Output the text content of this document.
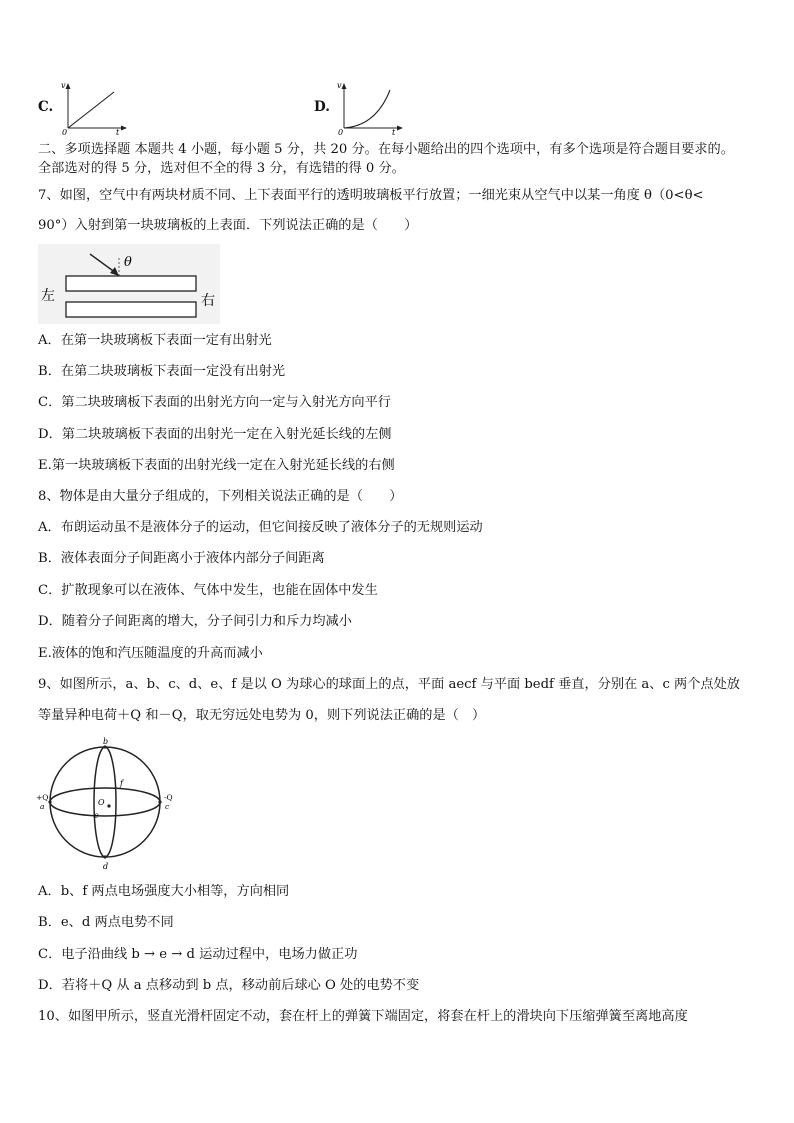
C.
v
0	t
D.
v
0	t
二、多项选择题 本题共 4 小题，每小题 5 分，共 20 分。在每小题给出的四个选项中，有多个选项是符合题目要求的。
全部选对的得 5 分，选对但不全的得 3 分，有选错的得 0 分。
7、如图，空气中有两块材质不同、上下表面平行的透明玻璃板平行放置；一细光束从空气中以某一角度 θ（0<θ<
90°）入射到第一块玻璃板的上表面．下列说法正确的是（　　）
θ
左	右
A．在第一块玻璃板下表面一定有出射光
B．在第二块玻璃板下表面一定没有出射光
C．第二块玻璃板下表面的出射光方向一定与入射光方向平行
D．第二块玻璃板下表面的出射光一定在入射光延长线的左侧
E.第一块玻璃板下表面的出射光线一定在入射光延长线的右侧
8、物体是由大量分子组成的，下列相关说法正确的是（　　）
A．布朗运动虽不是液体分子的运动，但它间接反映了液体分子的无规则运动
B．液体表面分子间距离小于液体内部分子间距离
C．扩散现象可以在液体、气体中发生，也能在固体中发生
D．随着分子间距离的增大，分子间引力和斥力均减小
E.液体的饱和汽压随温度的升高而减小
9、如图所示，a、b、c、d、e、f 是以 O 为球心的球面上的点，平面 aecf 与平面 bedf 垂直，分别在 a、c 两个点处放
等量异种电荷＋Q 和－Q，取无穷远处电势为 0，则下列说法正确的是（　）
b
d
f
e
O
+Q
a
-Q
c
A．b、f 两点电场强度大小相等，方向相同
B．e、d 两点电势不同
C．电子沿曲线 b → e → d 运动过程中，电场力做正功
D．若将＋Q 从 a 点移动到 b 点，移动前后球心 O 处的电势不变
10、如图甲所示，竖直光滑杆固定不动，套在杆上的弹簧下端固定，将套在杆上的滑块向下压缩弹簧至离地高度
